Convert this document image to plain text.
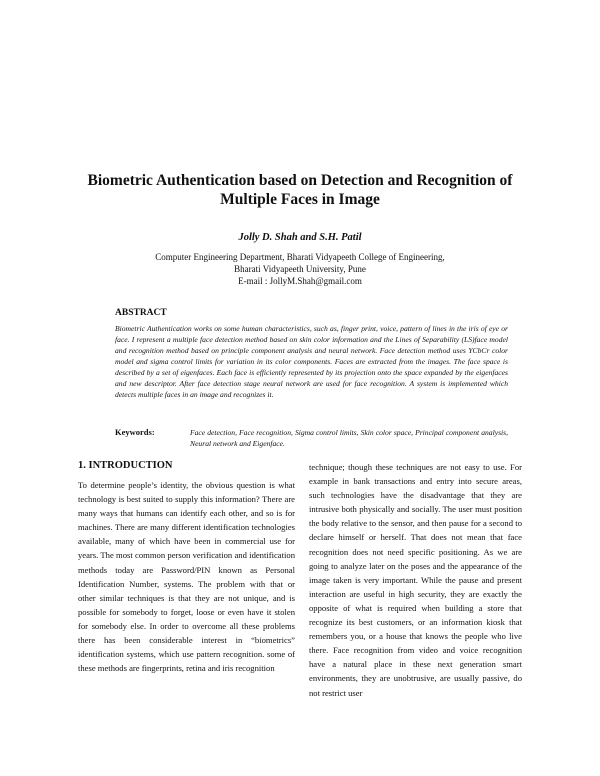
Biometric Authentication based on Detection and Recognition of Multiple Faces in Image
Jolly D. Shah and S.H. Patil
Computer Engineering Department, Bharati Vidyapeeth College of Engineering,
Bharati Vidyapeeth University, Pune
E-mail : JollyM.Shah@gmail.com
ABSTRACT

Biometric Authentication works on some human characteristics, such as, finger print, voice, pattern of lines in the iris of eye or face. I represent a multiple face detection method based on skin color information and the Lines of Separability (LS)face model and recognition method based on principle component analysis and neural network. Face detection method uses YCbCr color model and sigma control limits for variation in its color components. Faces are extracted from the images. The face space is described by a set of eigenfaces. Each face is efficiently represented by its projection onto the space expanded by the eigenfaces and new descriptor. After face detection stage neural network are used for face recognition. A system is implemented which detects multiple faces in an image and recognizes it.

Keywords:	Face detection, Face recognition, Sigma control limits, Skin color space, Principal component analysis, Neural network and Eigenface.

1. INTRODUCTION

To determine people’s identity, the obvious question is what technology is best suited to supply this information? There are many ways that humans can identify each other, and so is for machines. There are many different identification technologies available, many of which have been in commercial use for years. The most common person verification and identification methods today are Password/PIN known as Personal Identification Number, systems. The problem with that or other similar techniques is that they are not unique, and is possible for somebody to forget, loose or even have it stolen for somebody else. In order to overcome all these problems there has been considerable interest in “biometrics” identification systems, which use pattern recognition. some of these methods are fingerprints, retina and iris recognition

technique; though these techniques are not easy to use. For example in bank transactions and entry into secure areas, such technologies have the disadvantage that they are intrusive both physically and socially. The user must position the body relative to the sensor, and then pause for a second to declare himself or herself. That does not mean that face recognition does not need specific positioning. As we are going to analyze later on the poses and the appearance of the image taken is very important. While the pause and present interaction are useful in high security, they are exactly the opposite of what is required when building a store that recognize its best customers, or an information kiosk that remembers you, or a house that knows the people who live there. Face recognition from video and voice recognition have a natural place in these next generation smart environments, they are unobtrusive, are usually passive, do not restrict user
